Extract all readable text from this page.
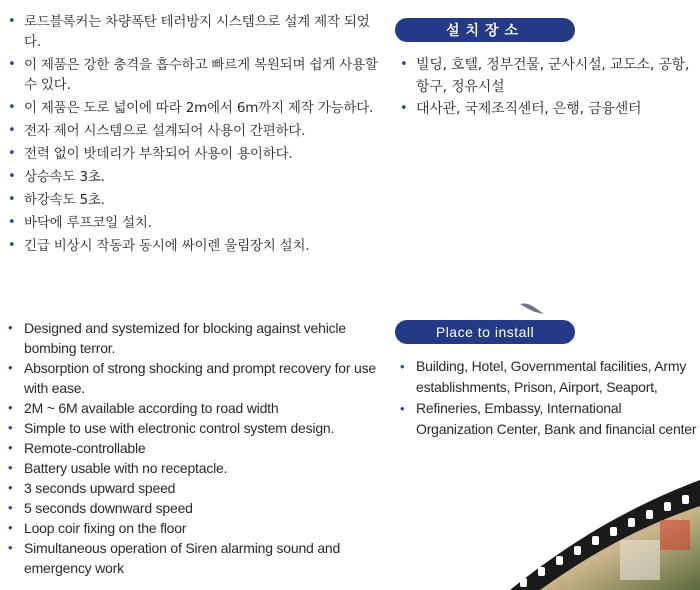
• 로드블록커는 차량폭탄 테러방지 시스템으로 설계 제작 되었다.
• 이 제품은 강한 충격을 흡수하고 빠르게 복원되며 쉽게 사용할 수 있다.
• 이 제품은 도로 넓이에 따라 2m에서 6m까지 제작 가능하다.
• 전자 제어 시스템으로 설계되어 사용이 간편하다.
• 전력 없이 밧데리가 부착되어 사용이 용이하다.
• 상승속도 3초.
• 하강속도 5초.
• 바닥에 루프코일 설치.
• 긴급 비상시 작동과 동시에 싸이렌 울림장치 설치.
설치장소
• 빌딩, 호텔, 정부건물, 군사시설, 교도소, 공항, 항구, 정유시설
• 대사관, 국제조직센터, 은행, 금융센터
• Designed and systemized for blocking against vehicle bombing terror.
• Absorption of strong shocking and prompt recovery for use with ease.
• 2M ~ 6M available according to road width
• Simple to use with electronic control system design.
• Remote-controllable
• Battery usable with no receptacle.
• 3 seconds upward speed
• 5 seconds downward speed
• Loop coir fixing on the floor
• Simultaneous operation of Siren alarming sound and emergency work
Place to install
• Building, Hotel, Governmental facilities, Army establishments, Prison, Airport, Seaport,
• Refineries, Embassy, International Organization Center, Bank and financial center
